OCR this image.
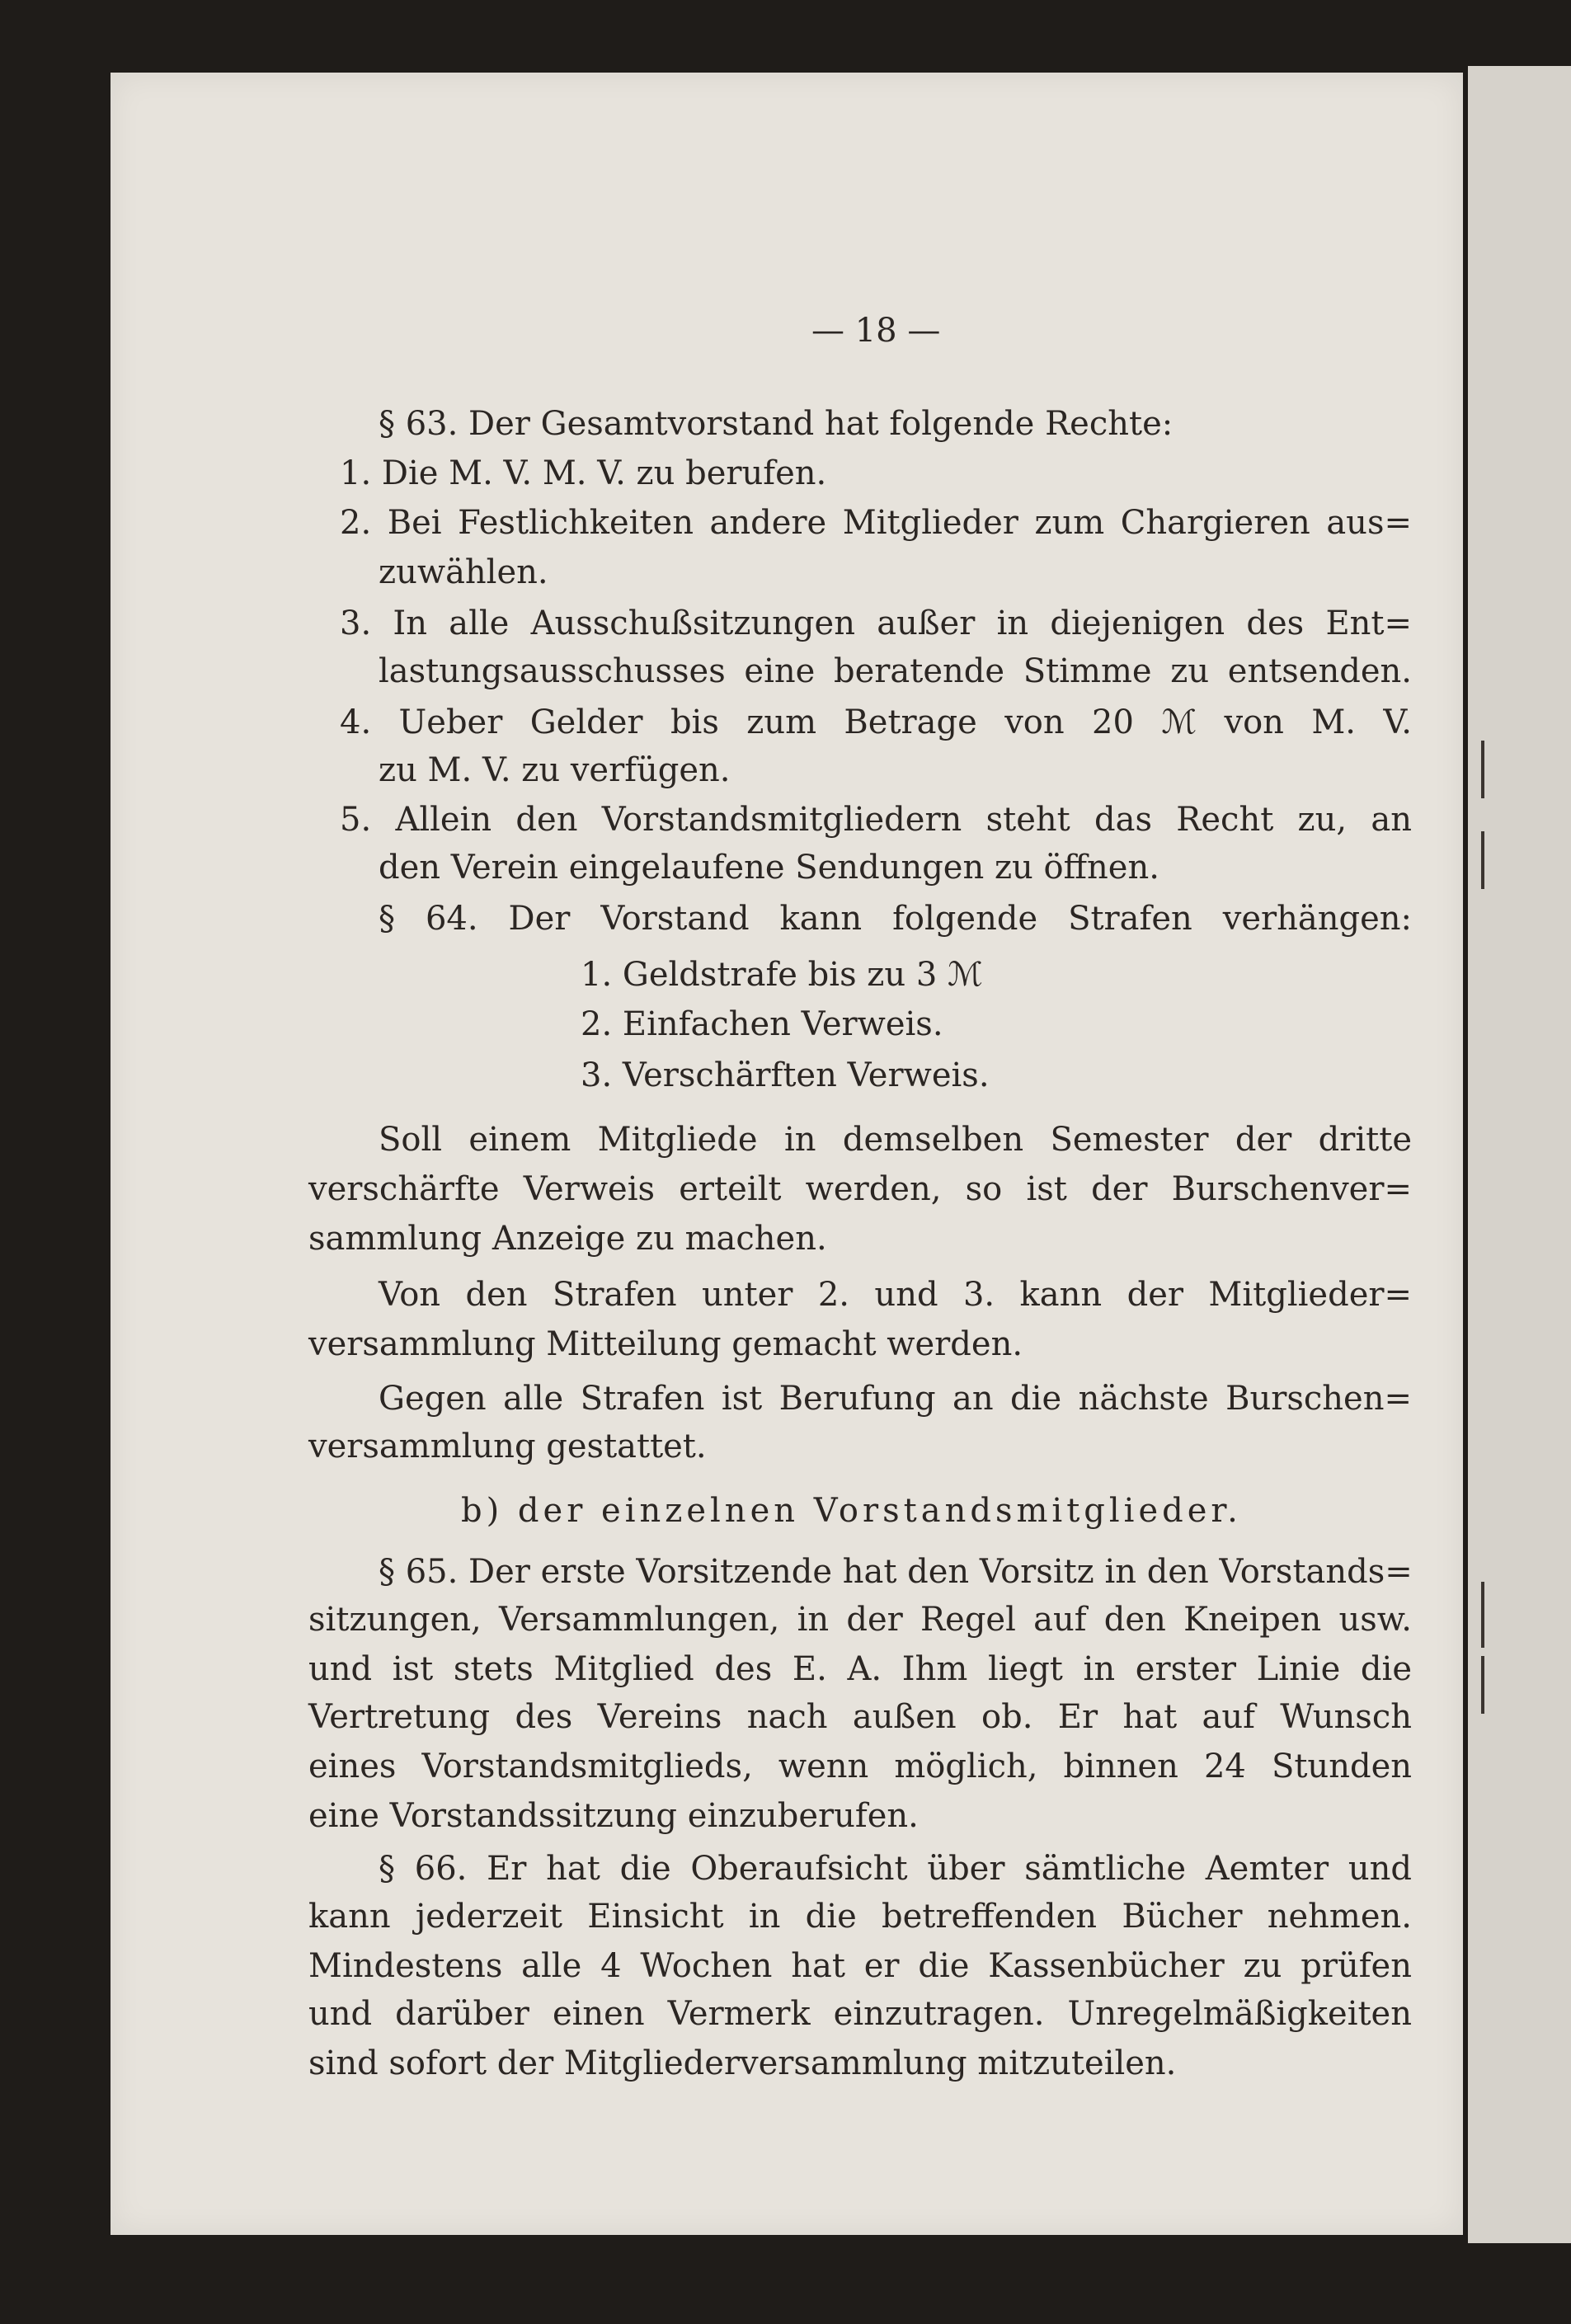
— 18 —
§ 63. Der Gesamtvorstand hat folgende Rechte:
1. Die M. V. M. V. zu berufen.
2. Bei Festlichkeiten andere Mitglieder zum Chargieren aus=
zuwählen.
3. In alle Ausschußsitzungen außer in diejenigen des Ent=
lastungsausschusses eine beratende Stimme zu entsenden.
4. Ueber Gelder bis zum Betrage von 20 ℳ von M. V.
zu M. V. zu verfügen.
5. Allein den Vorstandsmitgliedern steht das Recht zu, an
den Verein eingelaufene Sendungen zu öffnen.
§ 64. Der Vorstand kann folgende Strafen verhängen:
1. Geldstrafe bis zu 3 ℳ
2. Einfachen Verweis.
3. Verschärften Verweis.
Soll einem Mitgliede in demselben Semester der dritte
verschärfte Verweis erteilt werden, so ist der Burschenver=
sammlung Anzeige zu machen.
Von den Strafen unter 2. und 3. kann der Mitglieder=
versammlung Mitteilung gemacht werden.
Gegen alle Strafen ist Berufung an die nächste Burschen=
versammlung gestattet.
b) der einzelnen Vorstandsmitglieder.
§ 65. Der erste Vorsitzende hat den Vorsitz in den Vorstands=
sitzungen, Versammlungen, in der Regel auf den Kneipen usw.
und ist stets Mitglied des E. A. Ihm liegt in erster Linie die
Vertretung des Vereins nach außen ob. Er hat auf Wunsch
eines Vorstandsmitglieds, wenn möglich, binnen 24 Stunden
eine Vorstandssitzung einzuberufen.
§ 66. Er hat die Oberaufsicht über sämtliche Aemter und
kann jederzeit Einsicht in die betreffenden Bücher nehmen.
Mindestens alle 4 Wochen hat er die Kassenbücher zu prüfen
und darüber einen Vermerk einzutragen. Unregelmäßigkeiten
sind sofort der Mitgliederversammlung mitzuteilen.
